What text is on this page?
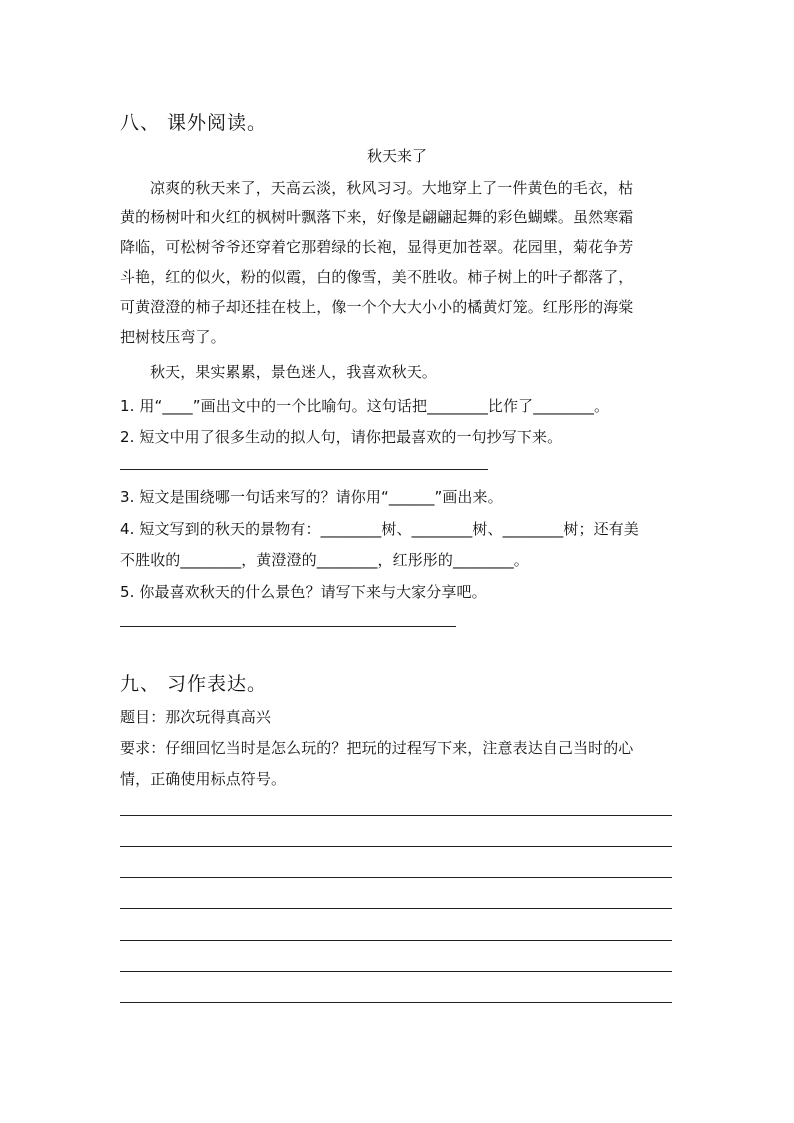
八、 课外阅读。
秋天来了
凉爽的秋天来了，天高云淡，秋风习习。大地穿上了一件黄色的毛衣，枯
黄的杨树叶和火红的枫树叶飘落下来，好像是翩翩起舞的彩色蝴蝶。虽然寒霜
降临，可松树爷爷还穿着它那碧绿的长袍，显得更加苍翠。花园里，菊花争芳
斗艳，红的似火，粉的似霞，白的像雪，美不胜收。柿子树上的叶子都落了，
可黄澄澄的柿子却还挂在枝上，像一个个大大小小的橘黄灯笼。红彤彤的海棠
把树枝压弯了。
秋天，果实累累，景色迷人，我喜欢秋天。
1. 用“____”画出文中的一个比喻句。这句话把________比作了________。
2. 短文中用了很多生动的拟人句，请你把最喜欢的一句抄写下来。
3. 短文是围绕哪一句话来写的？请你用“______”画出来。
4. 短文写到的秋天的景物有：________树、________树、________树；还有美
不胜收的________，黄澄澄的________，红彤彤的________。
5. 你最喜欢秋天的什么景色？请写下来与大家分享吧。
九、 习作表达。
题目：那次玩得真高兴
要求：仔细回忆当时是怎么玩的？把玩的过程写下来，注意表达自己当时的心
情，正确使用标点符号。
